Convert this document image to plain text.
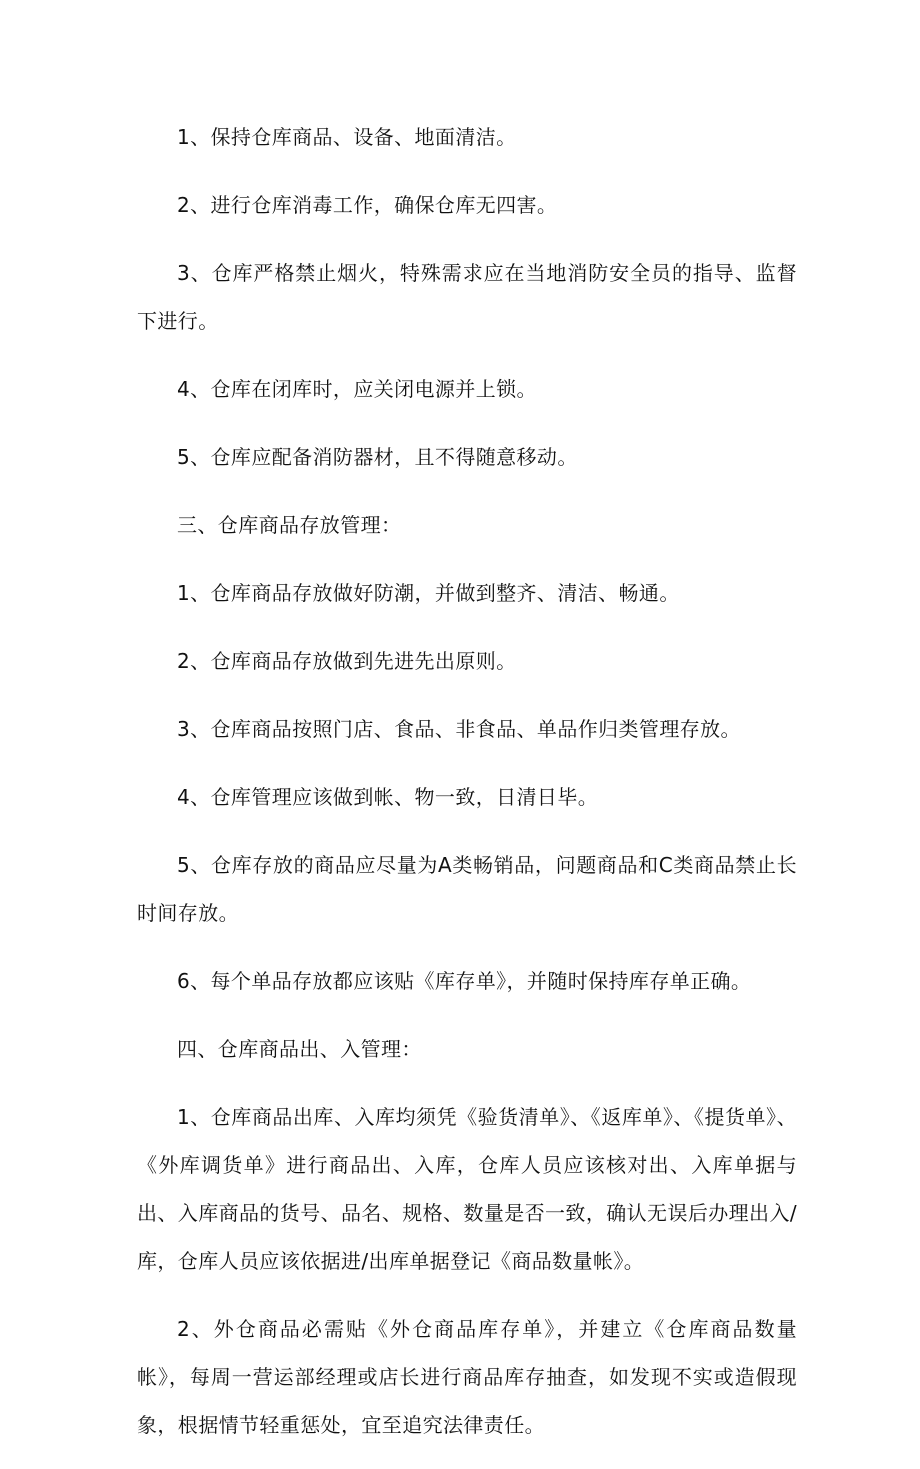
1、保持仓库商品、设备、地面清洁。

2、进行仓库消毒工作，确保仓库无四害。

3、仓库严格禁止烟火，特殊需求应在当地消防安全员的指导、监督下进行。

4、仓库在闭库时，应关闭电源并上锁。

5、仓库应配备消防器材，且不得随意移动。

三、仓库商品存放管理：

1、仓库商品存放做好防潮，并做到整齐、清洁、畅通。

2、仓库商品存放做到先进先出原则。

3、仓库商品按照门店、食品、非食品、单品作归类管理存放。

4、仓库管理应该做到帐、物一致，日清日毕。

5、仓库存放的商品应尽量为A类畅销品，问题商品和C类商品禁止长时间存放。

6、每个单品存放都应该贴《库存单》，并随时保持库存单正确。

四、仓库商品出、入管理：

1、仓库商品出库、入库均须凭《验货清单》、《返库单》、《提货单》、《外库调货单》进行商品出、入库，仓库人员应该核对出、入库单据与出、入库商品的货号、品名、规格、数量是否一致，确认无误后办理出入/库，仓库人员应该依据进/出库单据登记《商品数量帐》。

2、外仓商品必需贴《外仓商品库存单》，并建立《仓库商品数量帐》，每周一营运部经理或店长进行商品库存抽查，如发现不实或造假现象，根据情节轻重惩处，宜至追究法律责任。
